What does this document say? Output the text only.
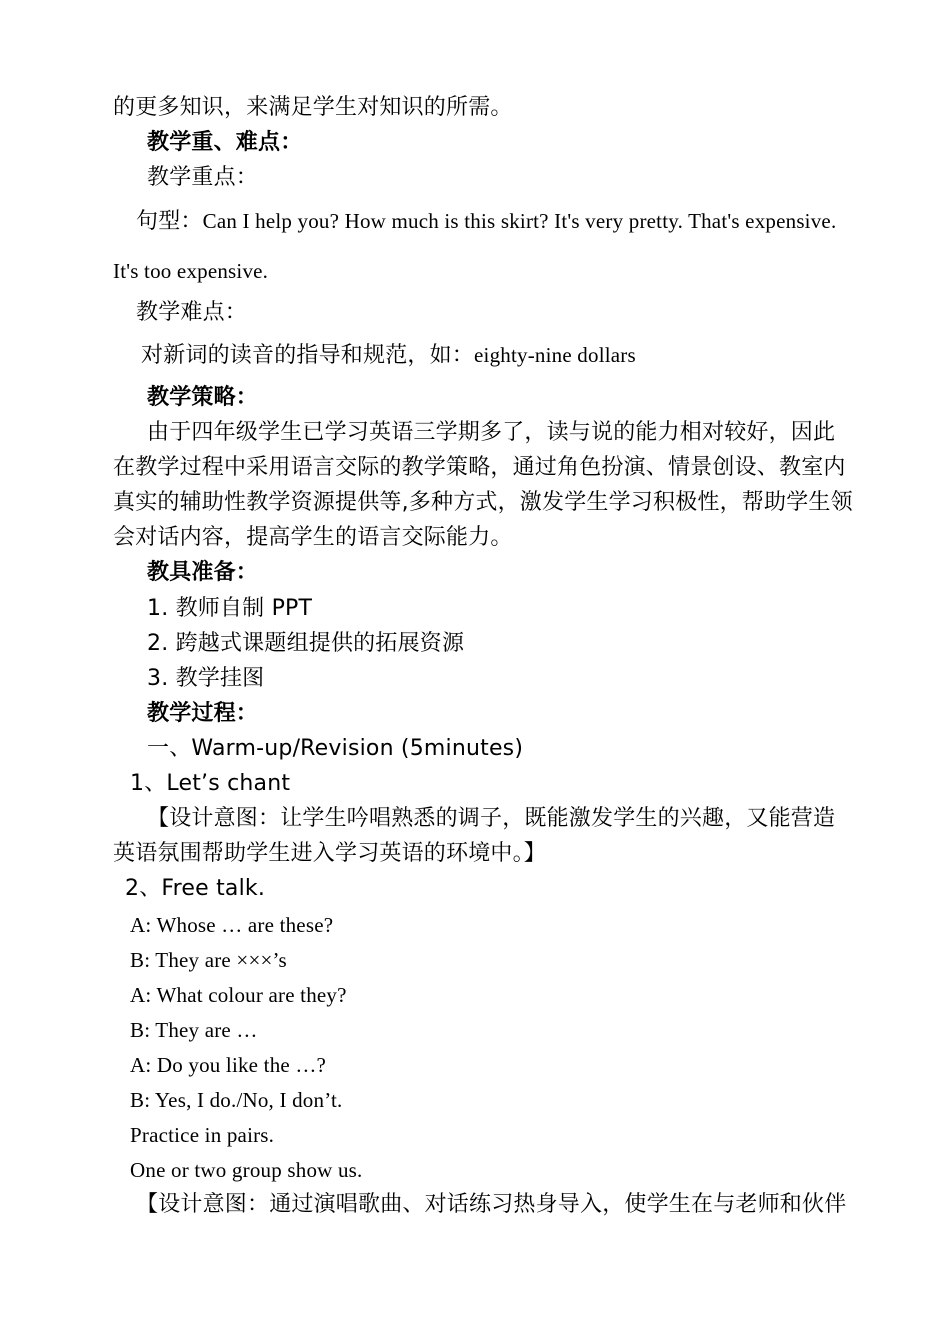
的更多知识，来满足学生对知识的所需。
教学重、难点：
教学重点：
句型：Can I help you? How much is this skirt? It's very pretty. That's expensive.
It's too expensive.
教学难点：
对新词的读音的指导和规范，如：eighty-nine dollars
教学策略：
由于四年级学生已学习英语三学期多了，读与说的能力相对较好，因此
在教学过程中采用语言交际的教学策略，通过角色扮演、情景创设、教室内
真实的辅助性教学资源提供等,多种方式，激发学生学习积极性，帮助学生领
会对话内容，提高学生的语言交际能力。
教具准备：
1. 教师自制 PPT
2. 跨越式课题组提供的拓展资源
3. 教学挂图
教学过程：
一、Warm-up/Revision (5minutes)
1、Let’s chant
【设计意图：让学生吟唱熟悉的调子，既能激发学生的兴趣，又能营造
英语氛围帮助学生进入学习英语的环境中。】
2、Free talk.
A: Whose … are these?
B: They are ×××’s
A: What colour are they?
B: They are …
A: Do you like the …?
B: Yes, I do./No, I don’t.
Practice in pairs.
One or two group show us.
【设计意图：通过演唱歌曲、对话练习热身导入，使学生在与老师和伙伴
